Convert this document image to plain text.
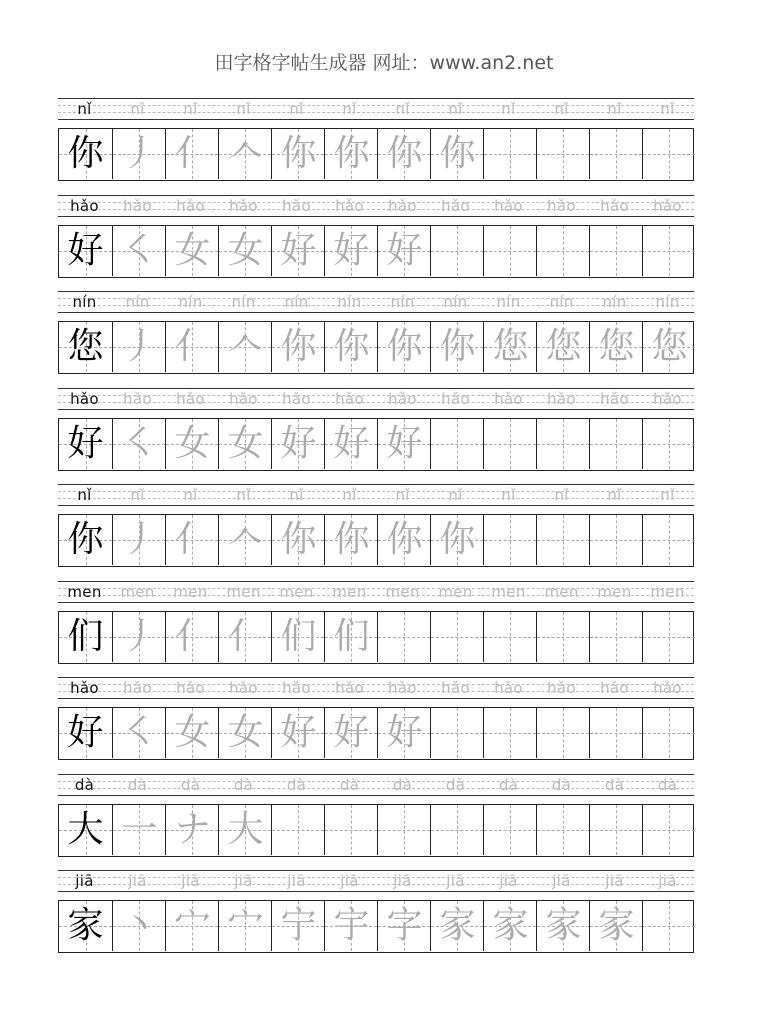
田字格字帖生成器 网址：www.an2.net
nǐ	nǐ	nǐ	nǐ	nǐ	nǐ	nǐ	nǐ	nǐ	nǐ	nǐ	nǐ
你 丿 亻 𠆢 你 你 你 你
hǎo	hǎo	hǎo	hǎo	hǎo	hǎo	hǎo	hǎo	hǎo	hǎo	hǎo	hǎo
好 ㇛ 女 女 好 好 好
nín	nín	nín	nín	nín	nín	nín	nín	nín	nín	nín	nín
您 丿 亻 𠆢 你 你 你 你 您 您 您 您
hǎo	hǎo	hǎo	hǎo	hǎo	hǎo	hǎo	hǎo	hǎo	hǎo	hǎo	hǎo
好 ㇛ 女 女 好 好 好
nǐ	nǐ	nǐ	nǐ	nǐ	nǐ	nǐ	nǐ	nǐ	nǐ	nǐ	nǐ
你 丿 亻 𠆢 你 你 你 你
men	men	men	men	men	men	men	men	men	men	men	men
们 丿 亻 亻 们 们
hǎo	hǎo	hǎo	hǎo	hǎo	hǎo	hǎo	hǎo	hǎo	hǎo	hǎo	hǎo
好 ㇛ 女 女 好 好 好
dà	dà	dà	dà	dà	dà	dà	dà	dà	dà	dà	dà
大 一 ナ 大
jiā	jiā	jiā	jiā	jiā	jiā	jiā	jiā	jiā	jiā	jiā	jiā
家 丶 宀 宀 宁 宇 字 家 家 家 家
